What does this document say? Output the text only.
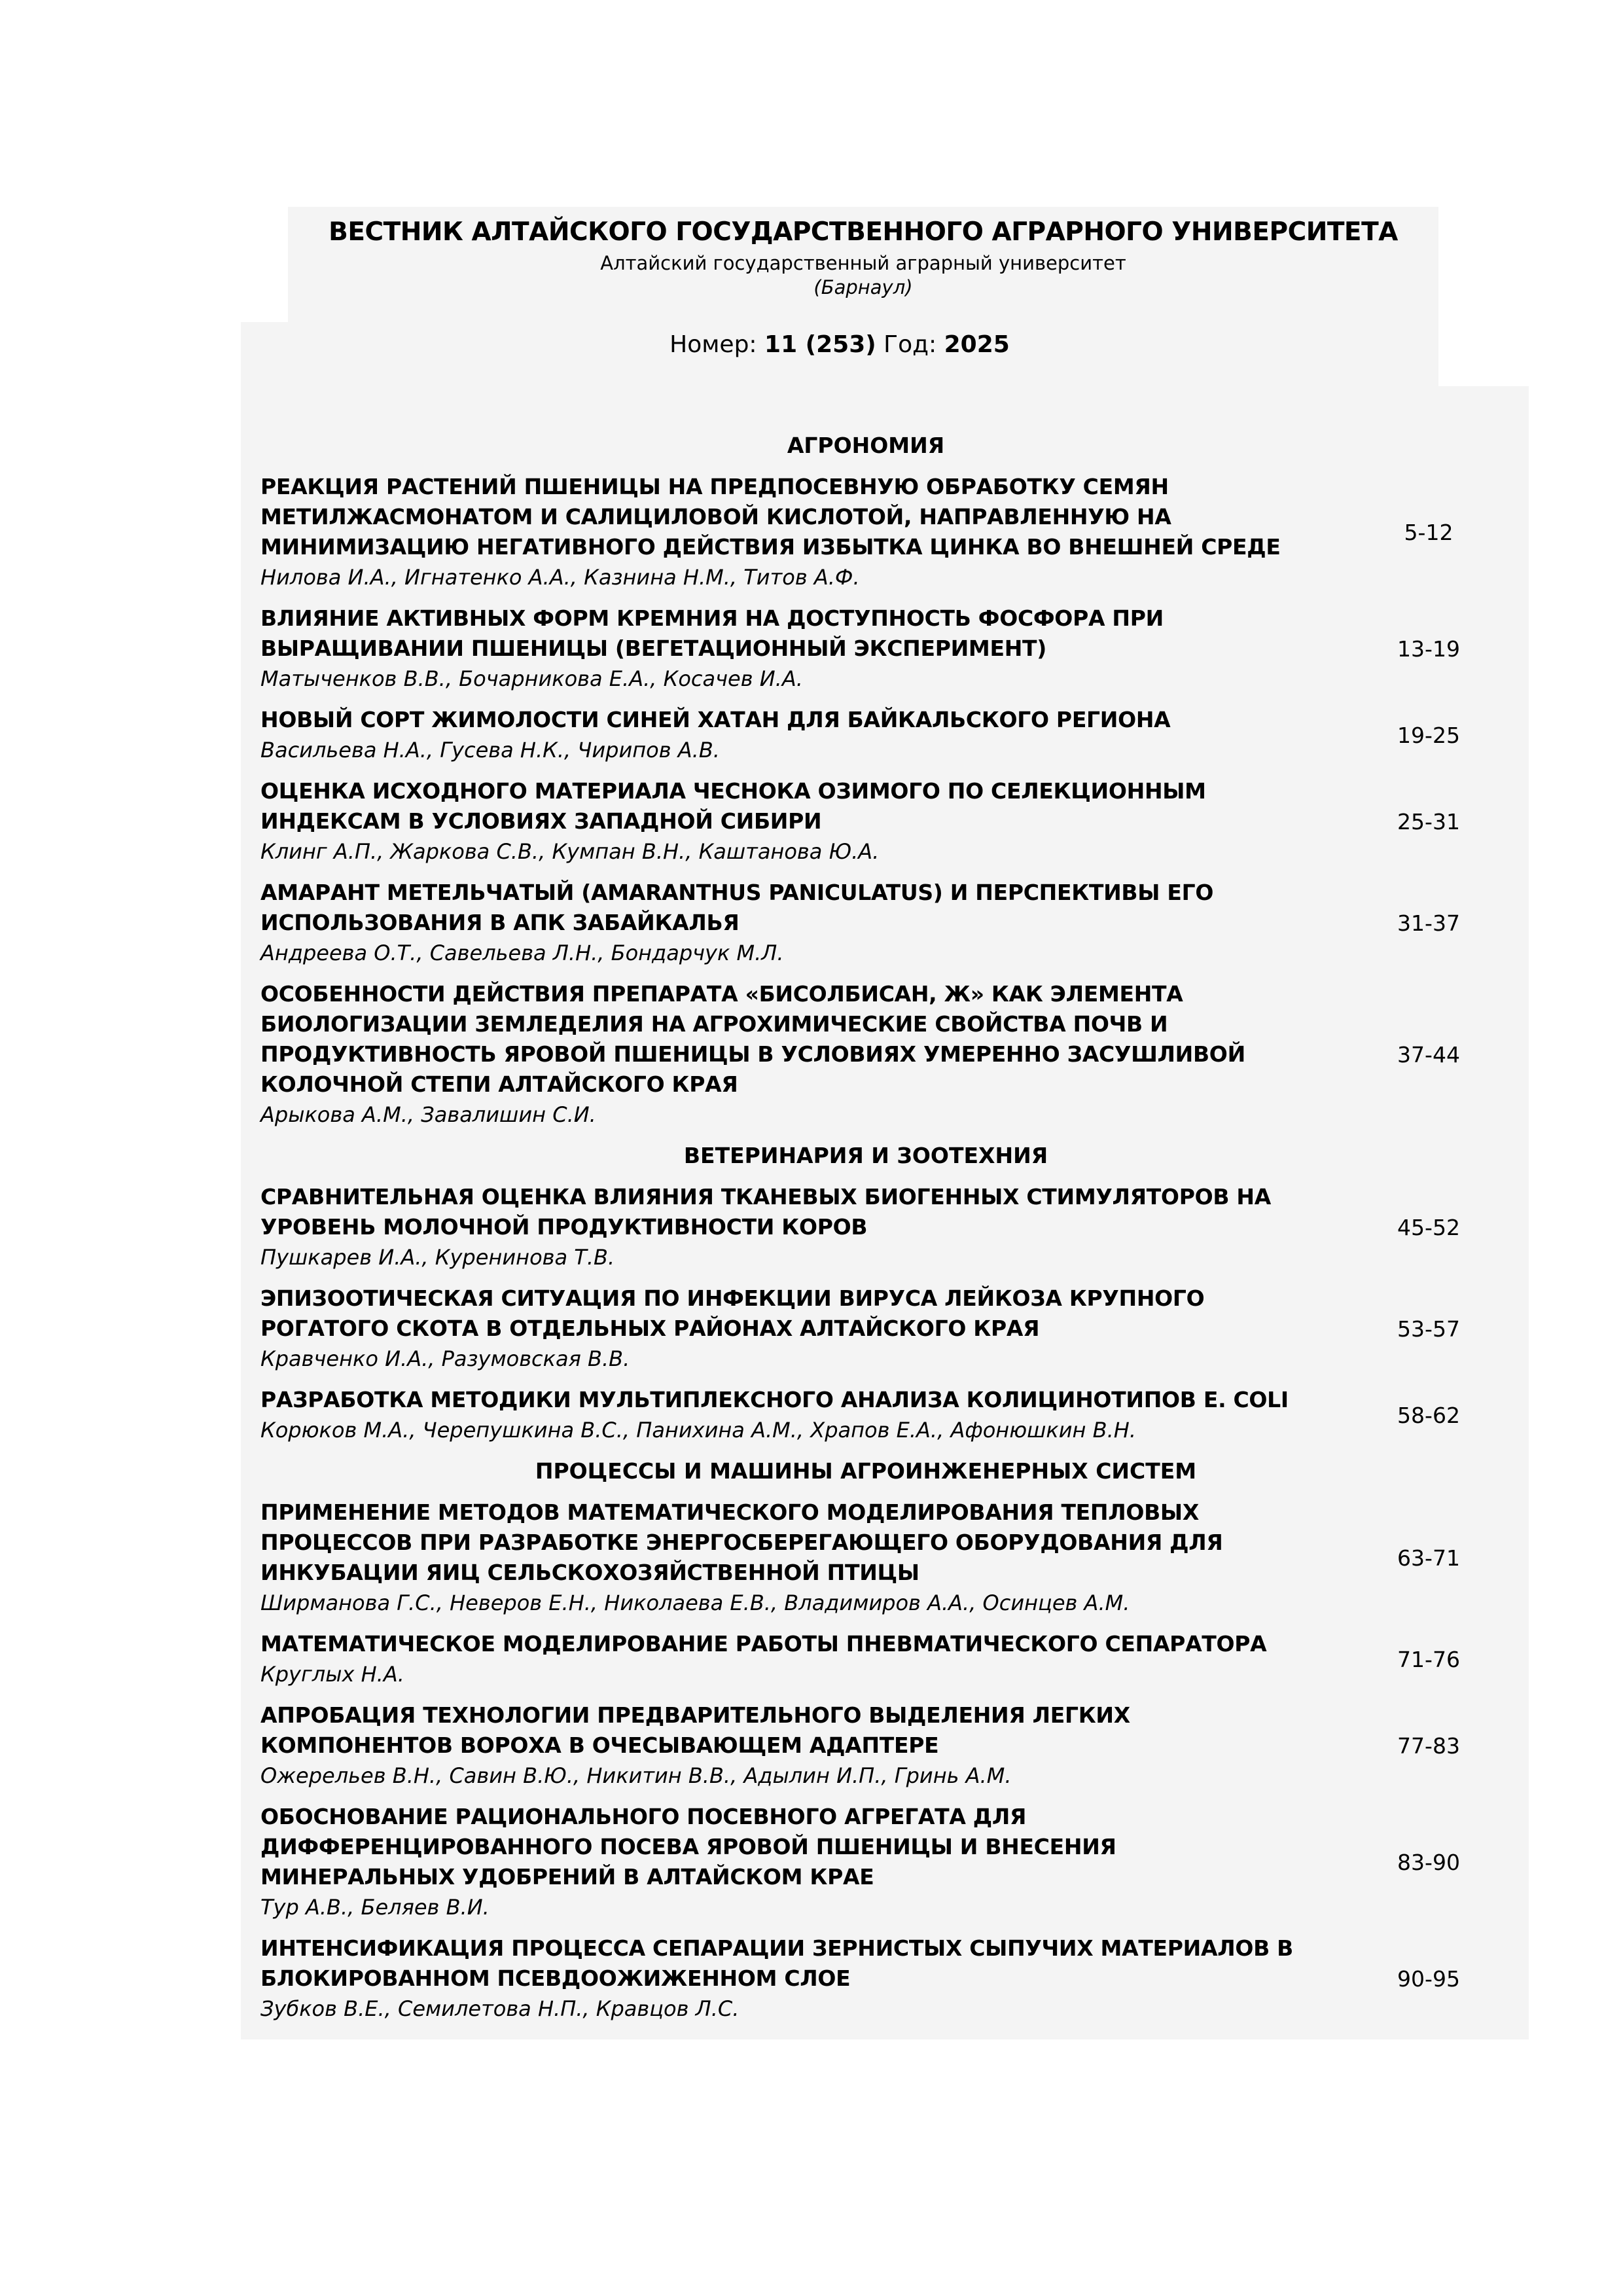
ВЕСТНИК АЛТАЙСКОГО ГОСУДАРСТВЕННОГО АГРАРНОГО УНИВЕРСИТЕТА
Алтайский государственный аграрный университет
(Барнаул)
Номер: 11 (253) Год: 2025
АГРОНОМИЯ
РЕАКЦИЯ РАСТЕНИЙ ПШЕНИЦЫ НА ПРЕДПОСЕВНУЮ ОБРАБОТКУ СЕМЯН
МЕТИЛЖАСМОНАТОМ И САЛИЦИЛОВОЙ КИСЛОТОЙ, НАПРАВЛЕННУЮ НА
МИНИМИЗАЦИЮ НЕГАТИВНОГО ДЕЙСТВИЯ ИЗБЫТКА ЦИНКА ВО ВНЕШНЕЙ СРЕДЕ
Нилова И.А., Игнатенко А.А., Казнина Н.М., Титов А.Ф.
5-12
ВЛИЯНИЕ АКТИВНЫХ ФОРМ КРЕМНИЯ НА ДОСТУПНОСТЬ ФОСФОРА ПРИ
ВЫРАЩИВАНИИ ПШЕНИЦЫ (ВЕГЕТАЦИОННЫЙ ЭКСПЕРИМЕНТ)
Матыченков В.В., Бочарникова Е.А., Косачев И.А.
13-19
НОВЫЙ СОРТ ЖИМОЛОСТИ СИНЕЙ ХАТАН ДЛЯ БАЙКАЛЬСКОГО РЕГИОНА
Васильева Н.А., Гусева Н.К., Чирипов А.В.
19-25
ОЦЕНКА ИСХОДНОГО МАТЕРИАЛА ЧЕСНОКА ОЗИМОГО ПО СЕЛЕКЦИОННЫМ
ИНДЕКСАМ В УСЛОВИЯХ ЗАПАДНОЙ СИБИРИ
Клинг А.П., Жаркова С.В., Кумпан В.Н., Каштанова Ю.А.
25-31
АМАРАНТ МЕТЕЛЬЧАТЫЙ (AMARANTHUS PANICULATUS) И ПЕРСПЕКТИВЫ ЕГО
ИСПОЛЬЗОВАНИЯ В АПК ЗАБАЙКАЛЬЯ
Андреева О.Т., Савельева Л.Н., Бондарчук М.Л.
31-37
ОСОБЕННОСТИ ДЕЙСТВИЯ ПРЕПАРАТА «БИСОЛБИСАН, Ж» КАК ЭЛЕМЕНТА
БИОЛОГИЗАЦИИ ЗЕМЛЕДЕЛИЯ НА АГРОХИМИЧЕСКИЕ СВОЙСТВА ПОЧВ И
ПРОДУКТИВНОСТЬ ЯРОВОЙ ПШЕНИЦЫ В УСЛОВИЯХ УМЕРЕННО ЗАСУШЛИВОЙ
КОЛОЧНОЙ СТЕПИ АЛТАЙСКОГО КРАЯ
Арыкова А.М., Завалишин С.И.
37-44
ВЕТЕРИНАРИЯ И ЗООТЕХНИЯ
СРАВНИТЕЛЬНАЯ ОЦЕНКА ВЛИЯНИЯ ТКАНЕВЫХ БИОГЕННЫХ СТИМУЛЯТОРОВ НА
УРОВЕНЬ МОЛОЧНОЙ ПРОДУКТИВНОСТИ КОРОВ
Пушкарев И.А., Куренинова Т.В.
45-52
ЭПИЗООТИЧЕСКАЯ СИТУАЦИЯ ПО ИНФЕКЦИИ ВИРУСА ЛЕЙКОЗА КРУПНОГО
РОГАТОГО СКОТА В ОТДЕЛЬНЫХ РАЙОНАХ АЛТАЙСКОГО КРАЯ
Кравченко И.А., Разумовская В.В.
53-57
РАЗРАБОТКА МЕТОДИКИ МУЛЬТИПЛЕКСНОГО АНАЛИЗА КОЛИЦИНОТИПОВ E. COLI
Корюков М.А., Черепушкина В.С., Панихина А.М., Храпов Е.А., Афонюшкин В.Н.
58-62
ПРОЦЕССЫ И МАШИНЫ АГРОИНЖЕНЕРНЫХ СИСТЕМ
ПРИМЕНЕНИЕ МЕТОДОВ МАТЕМАТИЧЕСКОГО МОДЕЛИРОВАНИЯ ТЕПЛОВЫХ
ПРОЦЕССОВ ПРИ РАЗРАБОТКЕ ЭНЕРГОСБЕРЕГАЮЩЕГО ОБОРУДОВАНИЯ ДЛЯ
ИНКУБАЦИИ ЯИЦ СЕЛЬСКОХОЗЯЙСТВЕННОЙ ПТИЦЫ
Ширманова Г.С., Неверов Е.Н., Николаева Е.В., Владимиров А.А., Осинцев А.М.
63-71
МАТЕМАТИЧЕСКОЕ МОДЕЛИРОВАНИЕ РАБОТЫ ПНЕВМАТИЧЕСКОГО СЕПАРАТОРА
Круглых Н.А.
71-76
АПРОБАЦИЯ ТЕХНОЛОГИИ ПРЕДВАРИТЕЛЬНОГО ВЫДЕЛЕНИЯ ЛЕГКИХ
КОМПОНЕНТОВ ВОРОХА В ОЧЕСЫВАЮЩЕМ АДАПТЕРЕ
Ожерельев В.Н., Савин В.Ю., Никитин В.В., Адылин И.П., Гринь А.М.
77-83
ОБОСНОВАНИЕ РАЦИОНАЛЬНОГО ПОСЕВНОГО АГРЕГАТА ДЛЯ
ДИФФЕРЕНЦИРОВАННОГО ПОСЕВА ЯРОВОЙ ПШЕНИЦЫ И ВНЕСЕНИЯ
МИНЕРАЛЬНЫХ УДОБРЕНИЙ В АЛТАЙСКОМ КРАЕ
Тур А.В., Беляев В.И.
83-90
ИНТЕНСИФИКАЦИЯ ПРОЦЕССА СЕПАРАЦИИ ЗЕРНИСТЫХ СЫПУЧИХ МАТЕРИАЛОВ В
БЛОКИРОВАННОМ ПСЕВДООЖИЖЕННОМ СЛОЕ
Зубков В.Е., Семилетова Н.П., Кравцов Л.С.
90-95
